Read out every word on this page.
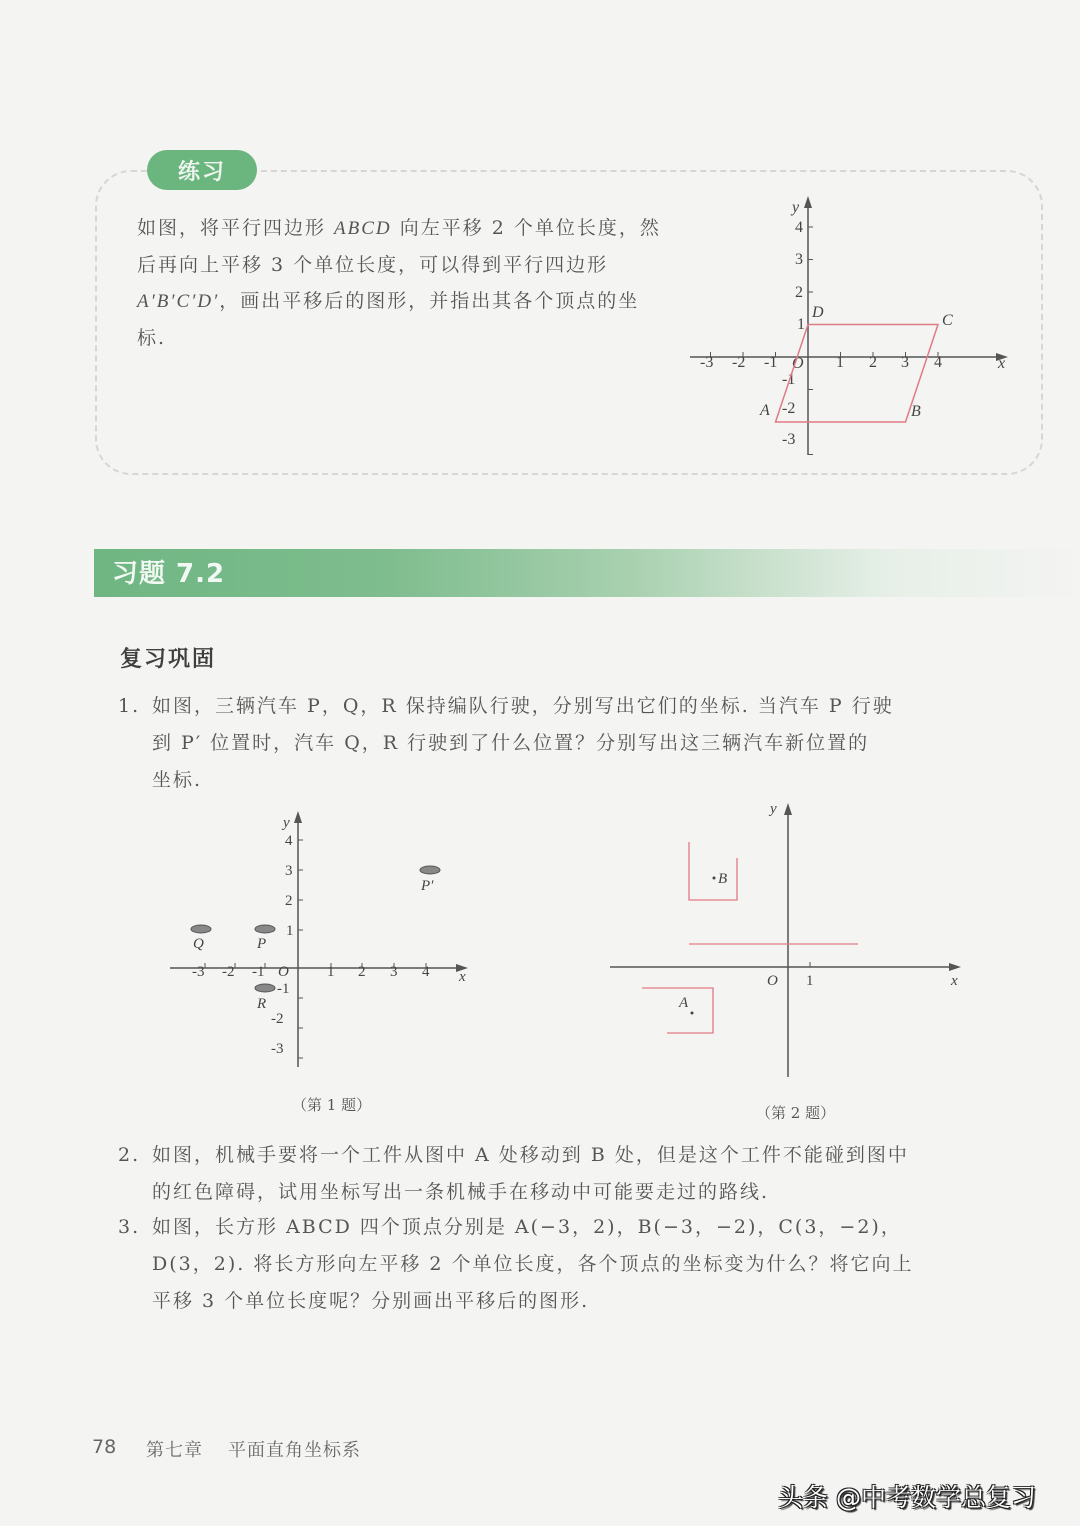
练习
如图，将平行四边形 ABCD 向左平移 2 个单位长度，然后再向上平移 3 个单位长度，可以得到平行四边形 A′B′C′D′，画出平移后的图形，并指出其各个顶点的坐标.
y
x
-3 -2 -1	1 2 3 4
O
4
3
2
1
-1
-2
-3
A	B
C
D
习题 7.2
复习巩固
1. 如图，三辆汽车 P，Q，R 保持编队行驶，分别写出它们的坐标. 当汽车 P 行驶
到 P′ 位置时，汽车 Q，R 行驶到了什么位置？分别写出这三辆汽车新位置的
坐标.
y
x
-3 -2 -1	1 2 3 4
O
4
3
2
1
-1
-2
-3
Q	P
R
P′
（第 1 题）
y
x
1
O
B
A
（第 2 题）
2. 如图，机械手要将一个工件从图中 A 处移动到 B 处，但是这个工件不能碰到图中
的红色障碍，试用坐标写出一条机械手在移动中可能要走过的路线.
3. 如图，长方形 ABCD 四个顶点分别是 A(−3，2)，B(−3，−2)，C(3，−2)，
D(3，2). 将长方形向左平移 2 个单位长度，各个顶点的坐标变为什么？将它向上
平移 3 个单位长度呢？分别画出平移后的图形.
78 第七章 平面直角坐标系
头条 @中考数学总复习
